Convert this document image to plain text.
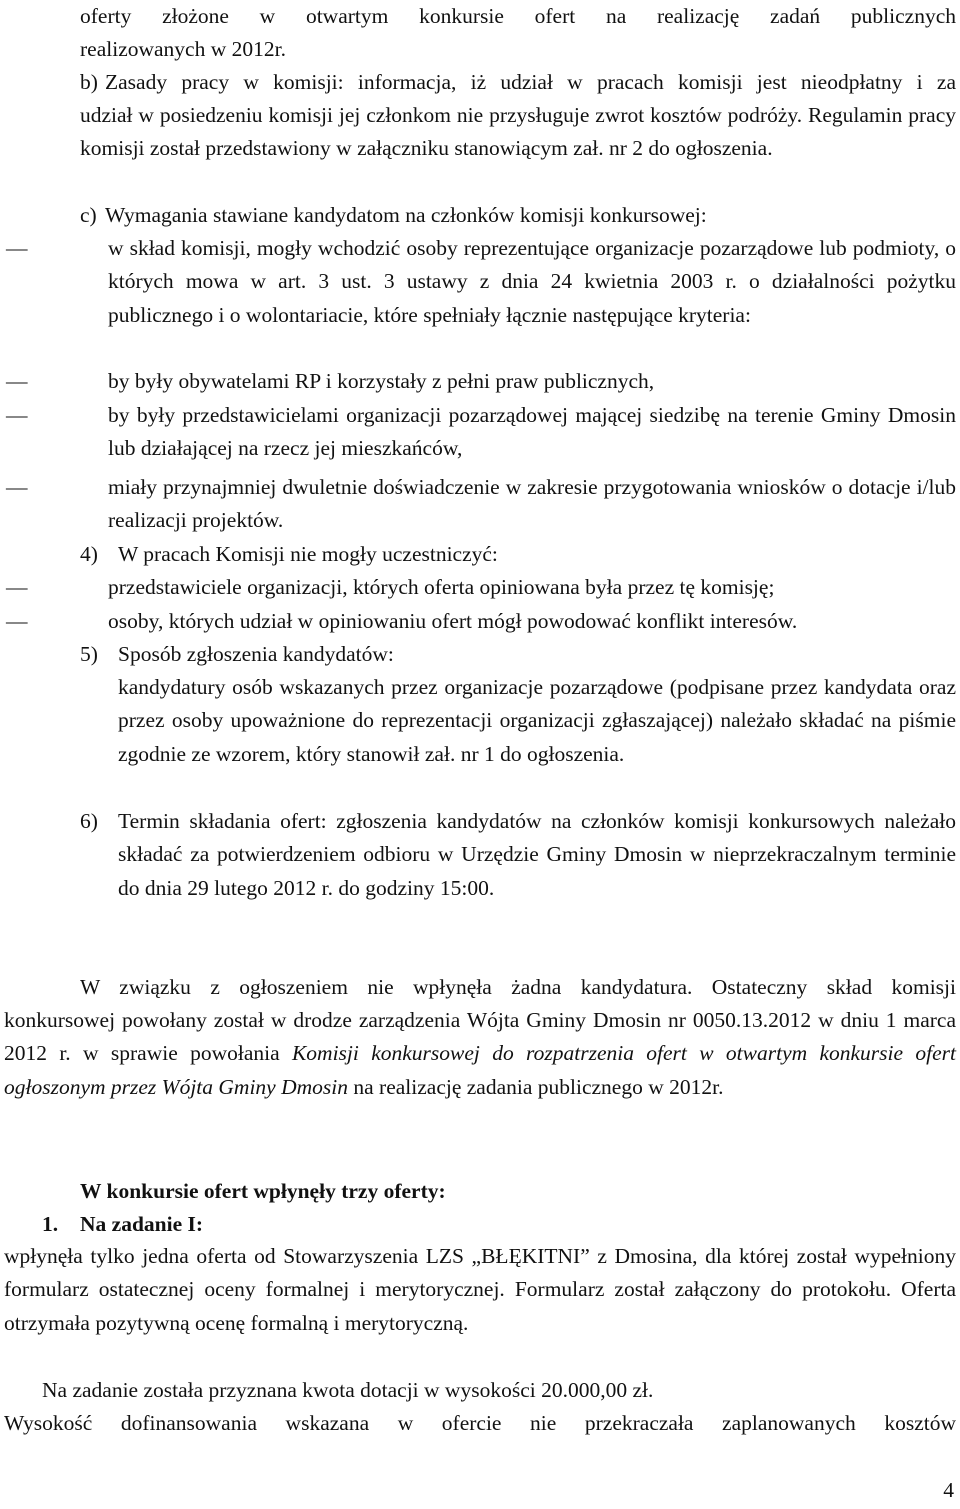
oferty złożone w otwartym konkursie ofert na realizację zadań publicznych
realizowanych w 2012r.
b) Zasady pracy w komisji: informacja, iż udział w pracach komisji jest nieodpłatny i za
udział w posiedzeniu komisji jej członkom nie przysługuje zwrot kosztów podróży. Regulamin pracy komisji został przedstawiony w załączniku stanowiącym zał. nr 2 do ogłoszenia.
c) Wymagania stawiane kandydatom na członków komisji konkursowej:
—	w skład komisji, mogły wchodzić osoby reprezentujące organizacje pozarządowe lub podmioty, o których mowa w art. 3 ust. 3 ustawy z dnia 24 kwietnia 2003 r. o działalności pożytku publicznego i o wolontariacie, które spełniały łącznie następujące kryteria:
—	by były obywatelami RP i korzystały z pełni praw publicznych,
—	by były przedstawicielami organizacji pozarządowej mającej siedzibę na terenie Gminy Dmosin lub działającej na rzecz jej mieszkańców,
—	miały przynajmniej dwuletnie doświadczenie w zakresie przygotowania wniosków o dotacje i/lub realizacji projektów.
4) W pracach Komisji nie mogły uczestniczyć:
—	przedstawiciele organizacji, których oferta opiniowana była przez tę komisję;
—	osoby, których udział w opiniowaniu ofert mógł powodować konflikt interesów.
5) Sposób zgłoszenia kandydatów:
kandydatury osób wskazanych przez organizacje pozarządowe (podpisane przez kandydata oraz przez osoby upoważnione do reprezentacji organizacji zgłaszającej) należało składać na piśmie zgodnie ze wzorem, który stanowił zał. nr 1 do ogłoszenia.
6) Termin składania ofert: zgłoszenia kandydatów na członków komisji konkursowych należało składać za potwierdzeniem odbioru w Urzędzie Gminy Dmosin w nieprzekraczalnym terminie do dnia 29 lutego 2012 r. do godziny 15:00.
W związku z ogłoszeniem nie wpłynęła żadna kandydatura. Ostateczny skład komisji
konkursowej powołany został w drodze zarządzenia Wójta Gminy Dmosin nr 0050.13.2012 w dniu 1 marca 2012 r. w sprawie powołania Komisji konkursowej do rozpatrzenia ofert w otwartym konkursie ofert ogłoszonym przez Wójta Gminy Dmosin na realizację zadania publicznego w 2012r.
W konkursie ofert wpłynęły trzy oferty:
1. Na zadanie I:
wpłynęła tylko jedna oferta od Stowarzyszenia LZS „BŁĘKITNI” z Dmosina, dla której został wypełniony formularz ostatecznej oceny formalnej i merytorycznej. Formularz został załączony do protokołu. Oferta otrzymała pozytywną ocenę formalną i merytoryczną.
Na zadanie została przyznana kwota dotacji w wysokości 20.000,00 zł.
Wysokość dofinansowania wskazana w ofercie nie przekraczała zaplanowanych kosztów
4
